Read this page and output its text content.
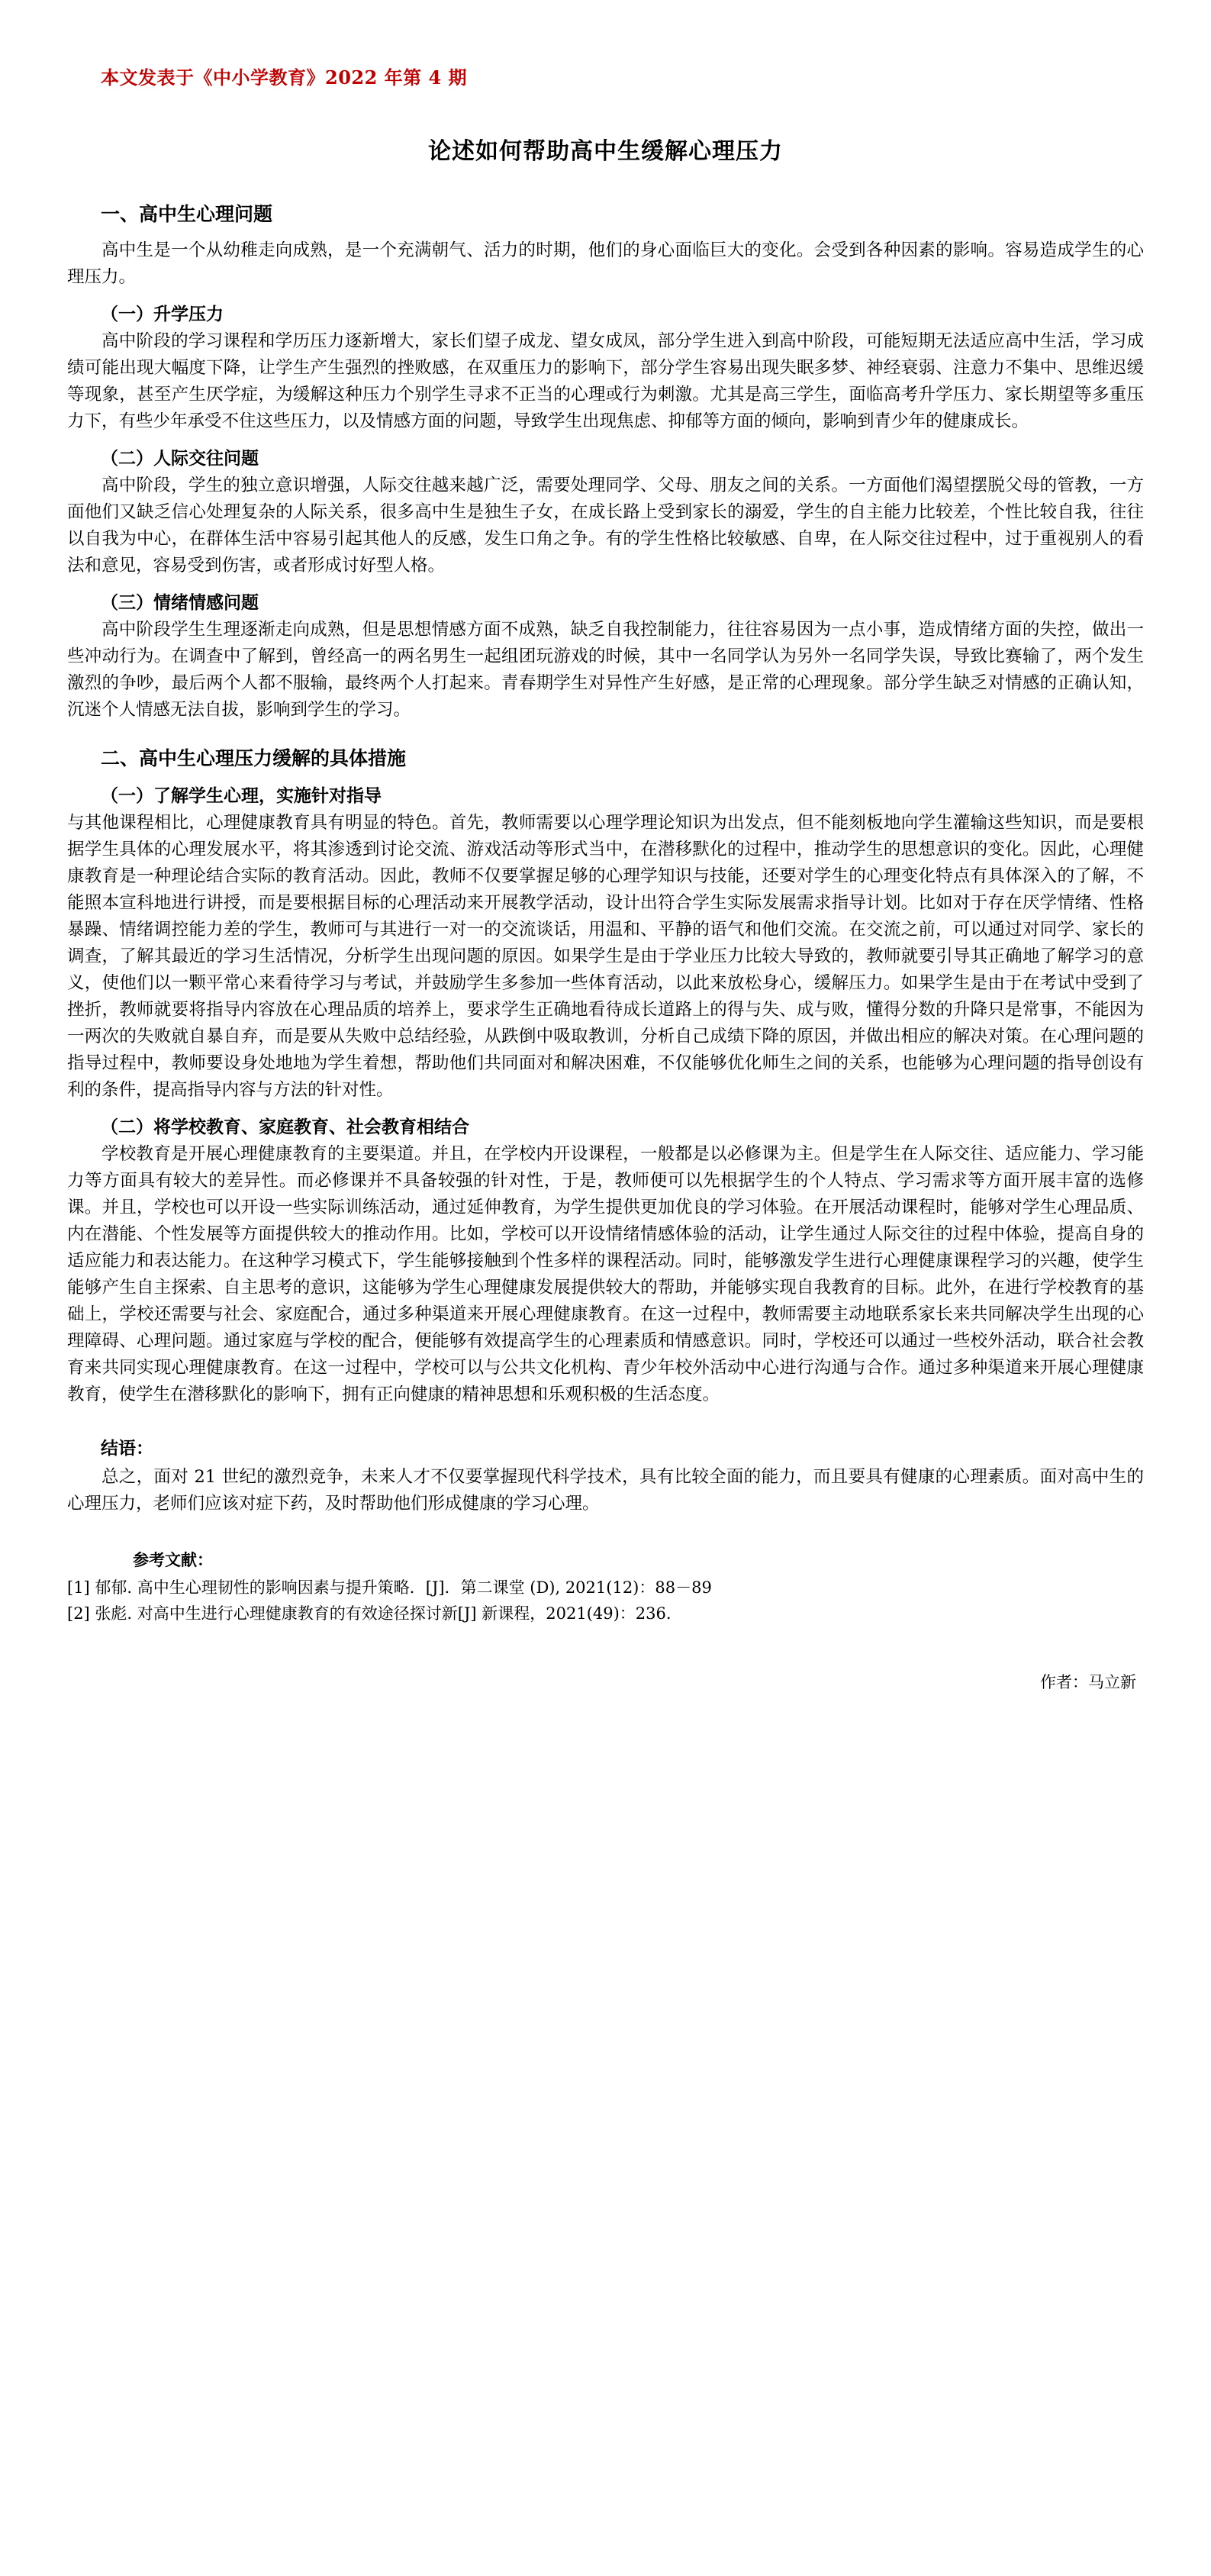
本文发表于《中小学教育》2022 年第 4 期
论述如何帮助高中生缓解心理压力
一、高中生心理问题

高中生是一个从幼稚走向成熟，是一个充满朝气、活力的时期，他们的身心面临巨大的变化。会受到各种因素的影响。容易造成学生的心理压力。

（一）升学压力

高中阶段的学习课程和学历压力逐新增大，家长们望子成龙、望女成凤，部分学生进入到高中阶段，可能短期无法适应高中生活，学习成绩可能出现大幅度下降，让学生产生强烈的挫败感，在双重压力的影响下，部分学生容易出现失眠多梦、神经衰弱、注意力不集中、思维迟缓等现象，甚至产生厌学症，为缓解这种压力个别学生寻求不正当的心理或行为刺激。尤其是高三学生，面临高考升学压力、家长期望等多重压力下，有些少年承受不住这些压力，以及情感方面的问题，导致学生出现焦虑、抑郁等方面的倾向，影响到青少年的健康成长。

（二）人际交往问题

高中阶段，学生的独立意识增强，人际交往越来越广泛，需要处理同学、父母、朋友之间的关系。一方面他们渴望摆脱父母的管教，一方面他们又缺乏信心处理复杂的人际关系，很多高中生是独生子女，在成长路上受到家长的溺爱，学生的自主能力比较差，个性比较自我，往往以自我为中心，在群体生活中容易引起其他人的反感，发生口角之争。有的学生性格比较敏感、自卑，在人际交往过程中，过于重视别人的看法和意见，容易受到伤害，或者形成讨好型人格。

（三）情绪情感问题

高中阶段学生生理逐渐走向成熟，但是思想情感方面不成熟，缺乏自我控制能力，往往容易因为一点小事，造成情绪方面的失控，做出一些冲动行为。在调查中了解到，曾经高一的两名男生一起组团玩游戏的时候，其中一名同学认为另外一名同学失误，导致比赛输了，两个发生激烈的争吵，最后两个人都不服输，最终两个人打起来。青春期学生对异性产生好感，是正常的心理现象。部分学生缺乏对情感的正确认知，沉迷个人情感无法自拔，影响到学生的学习。

二、高中生心理压力缓解的具体措施
（一）了解学生心理，实施针对指导

与其他课程相比，心理健康教育具有明显的特色。首先，教师需要以心理学理论知识为出发点，但不能刻板地向学生灌输这些知识，而是要根据学生具体的心理发展水平，将其渗透到讨论交流、游戏活动等形式当中，在潜移默化的过程中，推动学生的思想意识的变化。因此，心理健康教育是一种理论结合实际的教育活动。因此，教师不仅要掌握足够的心理学知识与技能，还要对学生的心理变化特点有具体深入的了解，不能照本宣科地进行讲授，而是要根据目标的心理活动来开展教学活动，设计出符合学生实际发展需求指导计划。比如对于存在厌学情绪、性格暴躁、情绪调控能力差的学生，教师可与其进行一对一的交流谈话，用温和、平静的语气和他们交流。在交流之前，可以通过对同学、家长的调查，了解其最近的学习生活情况，分析学生出现问题的原因。如果学生是由于学业压力比较大导致的，教师就要引导其正确地了解学习的意义，使他们以一颗平常心来看待学习与考试，并鼓励学生多参加一些体育活动，以此来放松身心，缓解压力。如果学生是由于在考试中受到了挫折，教师就要将指导内容放在心理品质的培养上，要求学生正确地看待成长道路上的得与失、成与败，懂得分数的升降只是常事，不能因为一两次的失败就自暴自弃，而是要从失败中总结经验，从跌倒中吸取教训，分析自己成绩下降的原因，并做出相应的解决对策。在心理问题的指导过程中，教师要设身处地地为学生着想，帮助他们共同面对和解决困难，不仅能够优化师生之间的关系，也能够为心理问题的指导创设有利的条件，提高指导内容与方法的针对性。

（二）将学校教育、家庭教育、社会教育相结合

学校教育是开展心理健康教育的主要渠道。并且，在学校内开设课程，一般都是以必修课为主。但是学生在人际交往、适应能力、学习能力等方面具有较大的差异性。而必修课并不具备较强的针对性，于是，教师便可以先根据学生的个人特点、学习需求等方面开展丰富的选修课。并且，学校也可以开设一些实际训练活动，通过延伸教育，为学生提供更加优良的学习体验。在开展活动课程时，能够对学生心理品质、内在潜能、个性发展等方面提供较大的推动作用。比如，学校可以开设情绪情感体验的活动，让学生通过人际交往的过程中体验，提高自身的适应能力和表达能力。在这种学习模式下，学生能够接触到个性多样的课程活动。同时，能够激发学生进行心理健康课程学习的兴趣，使学生能够产生自主探索、自主思考的意识，这能够为学生心理健康发展提供较大的帮助，并能够实现自我教育的目标。此外，在进行学校教育的基础上，学校还需要与社会、家庭配合，通过多种渠道来开展心理健康教育。在这一过程中，教师需要主动地联系家长来共同解决学生出现的心理障碍、心理问题。通过家庭与学校的配合，便能够有效提高学生的心理素质和情感意识。同时，学校还可以通过一些校外活动，联合社会教育来共同实现心理健康教育。在这一过程中，学校可以与公共文化机构、青少年校外活动中心进行沟通与合作。通过多种渠道来开展心理健康教育，使学生在潜移默化的影响下，拥有正向健康的精神思想和乐观积极的生活态度。

结语：

总之，面对 21 世纪的激烈竞争，未来人才不仅要掌握现代科学技术，具有比较全面的能力，而且要具有健康的心理素质。面对高中生的心理压力，老师们应该对症下药，及时帮助他们形成健康的学习心理。

参考文献：

[1] 郁郁. 高中生心理韧性的影响因素与提升策略．[J]．第二课堂 (D), 2021(12)：88－89

[2] 张彪. 对高中生进行心理健康教育的有效途径探讨新[J] 新课程，2021(49)：236.

作者：马立新
